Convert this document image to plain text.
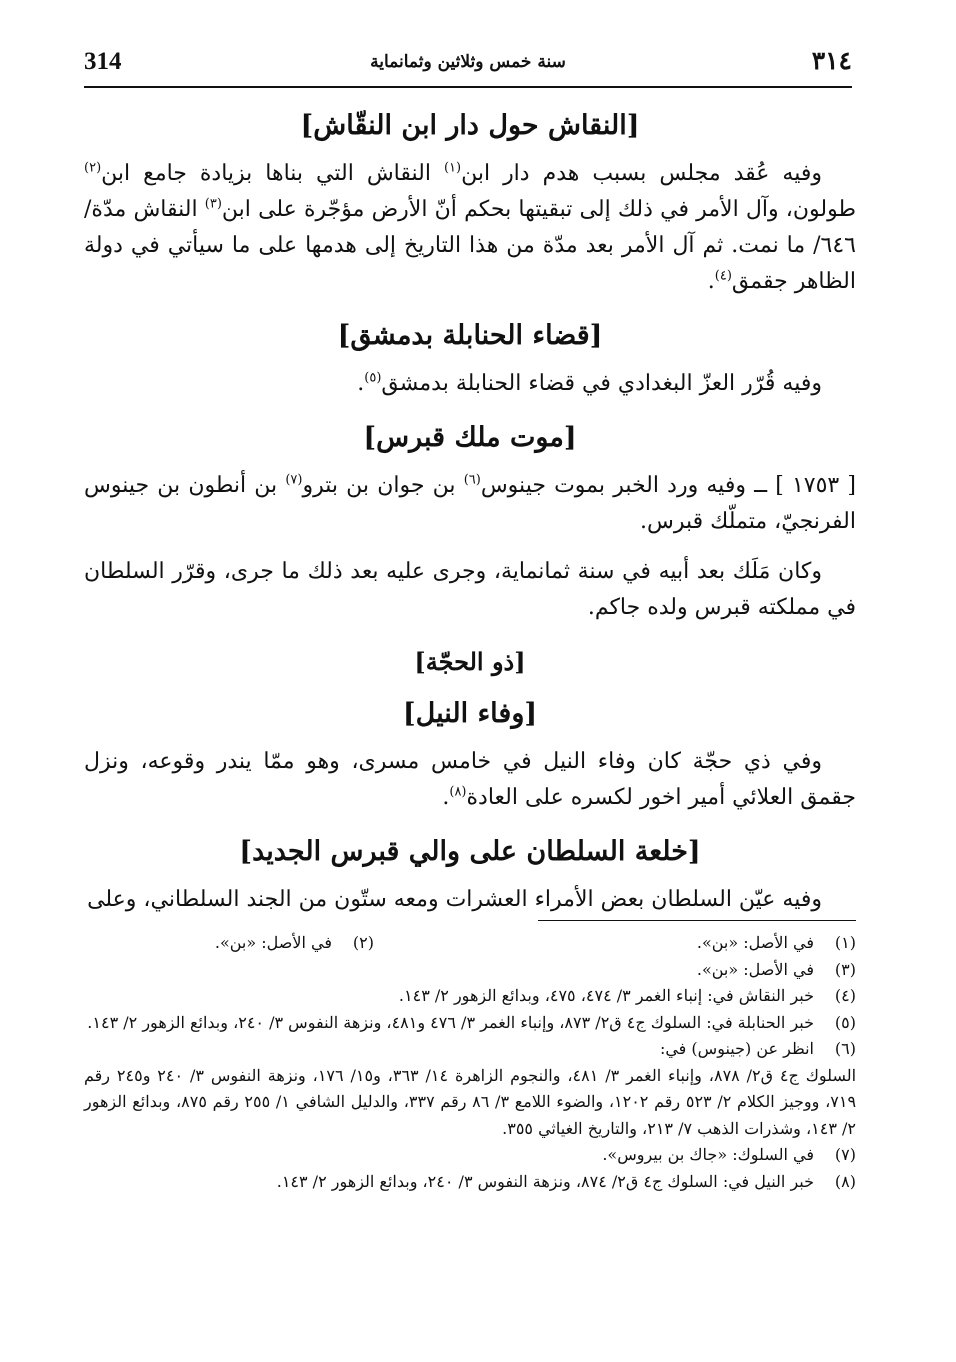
314	سنة خمس وثلاثين وثمانماية	٣١٤
[النقاش حول دار ابن النقّاش]

وفيه عُقد مجلس بسبب هدم دار ابن$^{(١)}$ النقاش التي بناها بزيادة جامع ابن$^{(٢)}$ طولون، وآل الأمر في ذلك إلى تبقيتها بحكم أنّ الأرض مؤجّرة على ابن$^{(٣)}$ النقاش مدّة/ ٦٤٦/ ما نمت. ثم آل الأمر بعد مدّة من هذا التاريخ إلى هدمها على ما سيأتي في دولة الظاهر جقمق$^{(٤)}$.

[قضاء الحنابلة بدمشق]

وفيه قُرّر العزّ البغدادي في قضاء الحنابلة بدمشق$^{(٥)}$.

[موت ملك قبرس]

[ ١٧٥٣ ] ــ وفيه ورد الخبر بموت جينوس$^{(٦)}$ بن جوان بن بترو$^{(٧)}$ بن أنطون بن جينوس الفرنجيّ، متملّك قبرس.

وكان مَلَك بعد أبيه في سنة ثمانماية، وجرى عليه بعد ذلك ما جرى، وقرّر السلطان في مملكته قبرس ولده جاكم.

[ذو الحجّة]
[وفاء النيل]

وفي ذي حجّة كان وفاء النيل في خامس مسرى، وهو ممّا يندر وقوعه، ونزل جقمق العلائي أمير اخور لكسره على العادة$^{(٨)}$.

[خلعة السلطان على والي قبرس الجديد]

وفيه عيّن السلطان بعض الأمراء العشرات ومعه ستّون من الجند السلطاني، وعلى

(١)
في الأصل: «بن».
(٢)
في الأصل: «بن».
(٣)
في الأصل: «بن».
(٤)
خبر النقاش في: إنباء الغمر ٣/ ٤٧٤، ٤٧٥، وبدائع الزهور ٢/ ١٤٣.
(٥)
خبر الحنابلة في: السلوك ج٤ ق٢/ ٨٧٣، وإنباء الغمر ٣/ ٤٧٦ و٤٨١، ونزهة النفوس ٣/ ٢٤٠، وبدائع الزهور ٢/ ١٤٣.
(٦)
انظر عن (جينوس) في:
السلوك ج٤ ق٢/ ٨٧٨، وإنباء الغمر ٣/ ٤٨١، والنجوم الزاهرة ١٤/ ٣٦٣، و١٥/ ١٧٦، ونزهة النفوس ٣/ ٢٤٠ و٢٤٥ رقم ٧١٩، ووجيز الكلام ٢/ ٥٢٣ رقم ١٢٠٢، والضوء اللامع ٣/ ٨٦ رقم ٣٣٧، والدليل الشافي ١/ ٢٥٥ رقم ٨٧٥، وبدائع الزهور ٢/ ١٤٣، وشذرات الذهب ٧/ ٢١٣، والتاريخ الغياثي ٣٥٥.
(٧)
في السلوك: «جاك بن بيروس».
(٨)
خبر النيل في: السلوك ج٤ ق٢/ ٨٧٤، ونزهة النفوس ٣/ ٢٤٠، وبدائع الزهور ٢/ ١٤٣.
